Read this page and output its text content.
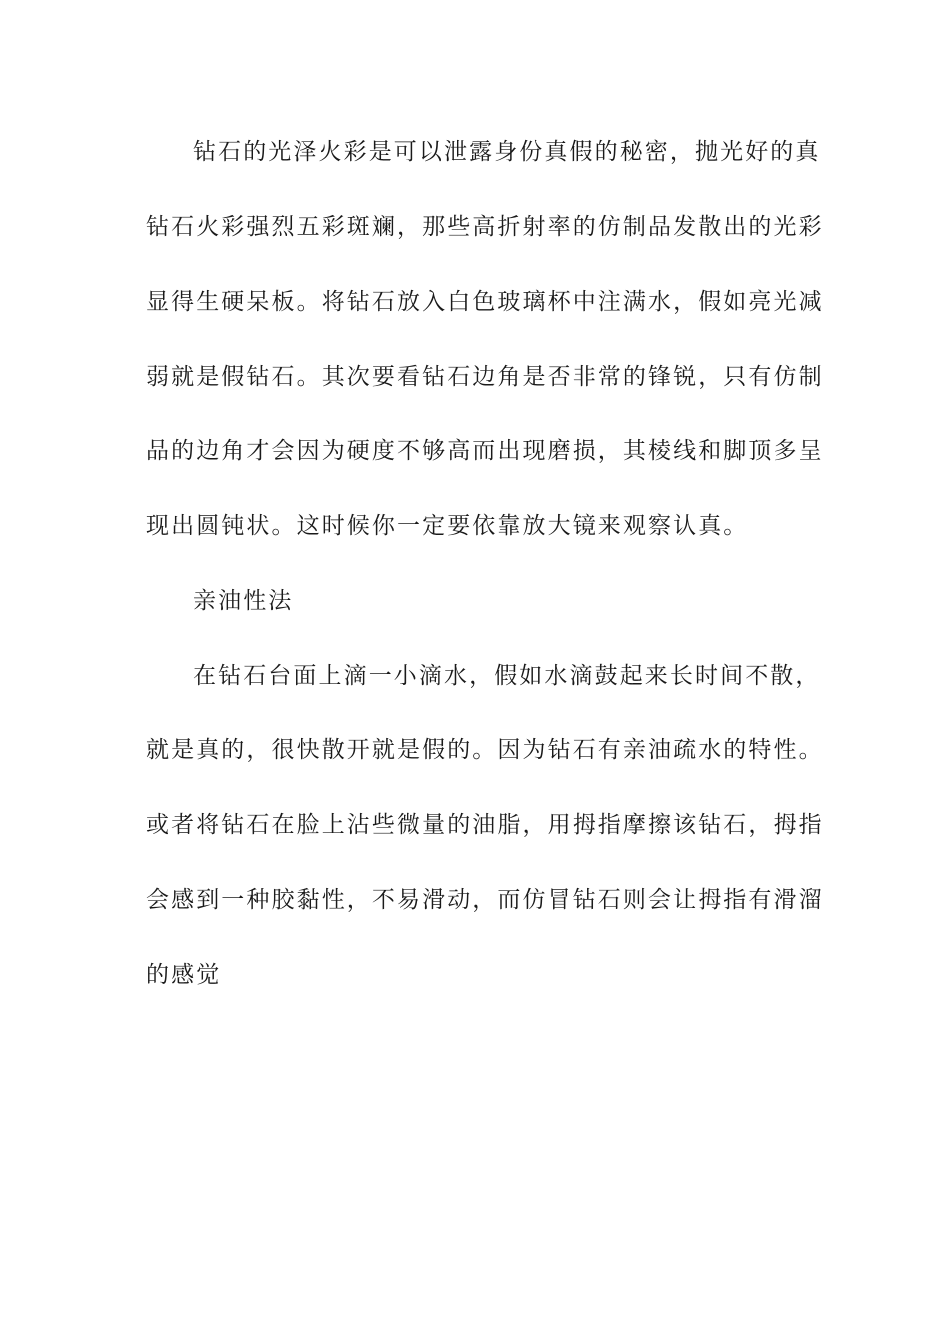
钻石的光泽火彩是可以泄露身份真假的秘密，抛光好的真
钻石火彩强烈五彩斑斓，那些高折射率的仿制品发散出的光彩
显得生硬呆板。将钻石放入白色玻璃杯中注满水，假如亮光减
弱就是假钻石。其次要看钻石边角是否非常的锋锐，只有仿制
品的边角才会因为硬度不够高而出现磨损，其棱线和脚顶多呈
现出圆钝状。这时候你一定要依靠放大镜来观察认真。
亲油性法
在钻石台面上滴一小滴水，假如水滴鼓起来长时间不散，
就是真的，很快散开就是假的。因为钻石有亲油疏水的特性。
或者将钻石在脸上沾些微量的油脂，用拇指摩擦该钻石，拇指
会感到一种胶黏性，不易滑动，而仿冒钻石则会让拇指有滑溜
的感觉
